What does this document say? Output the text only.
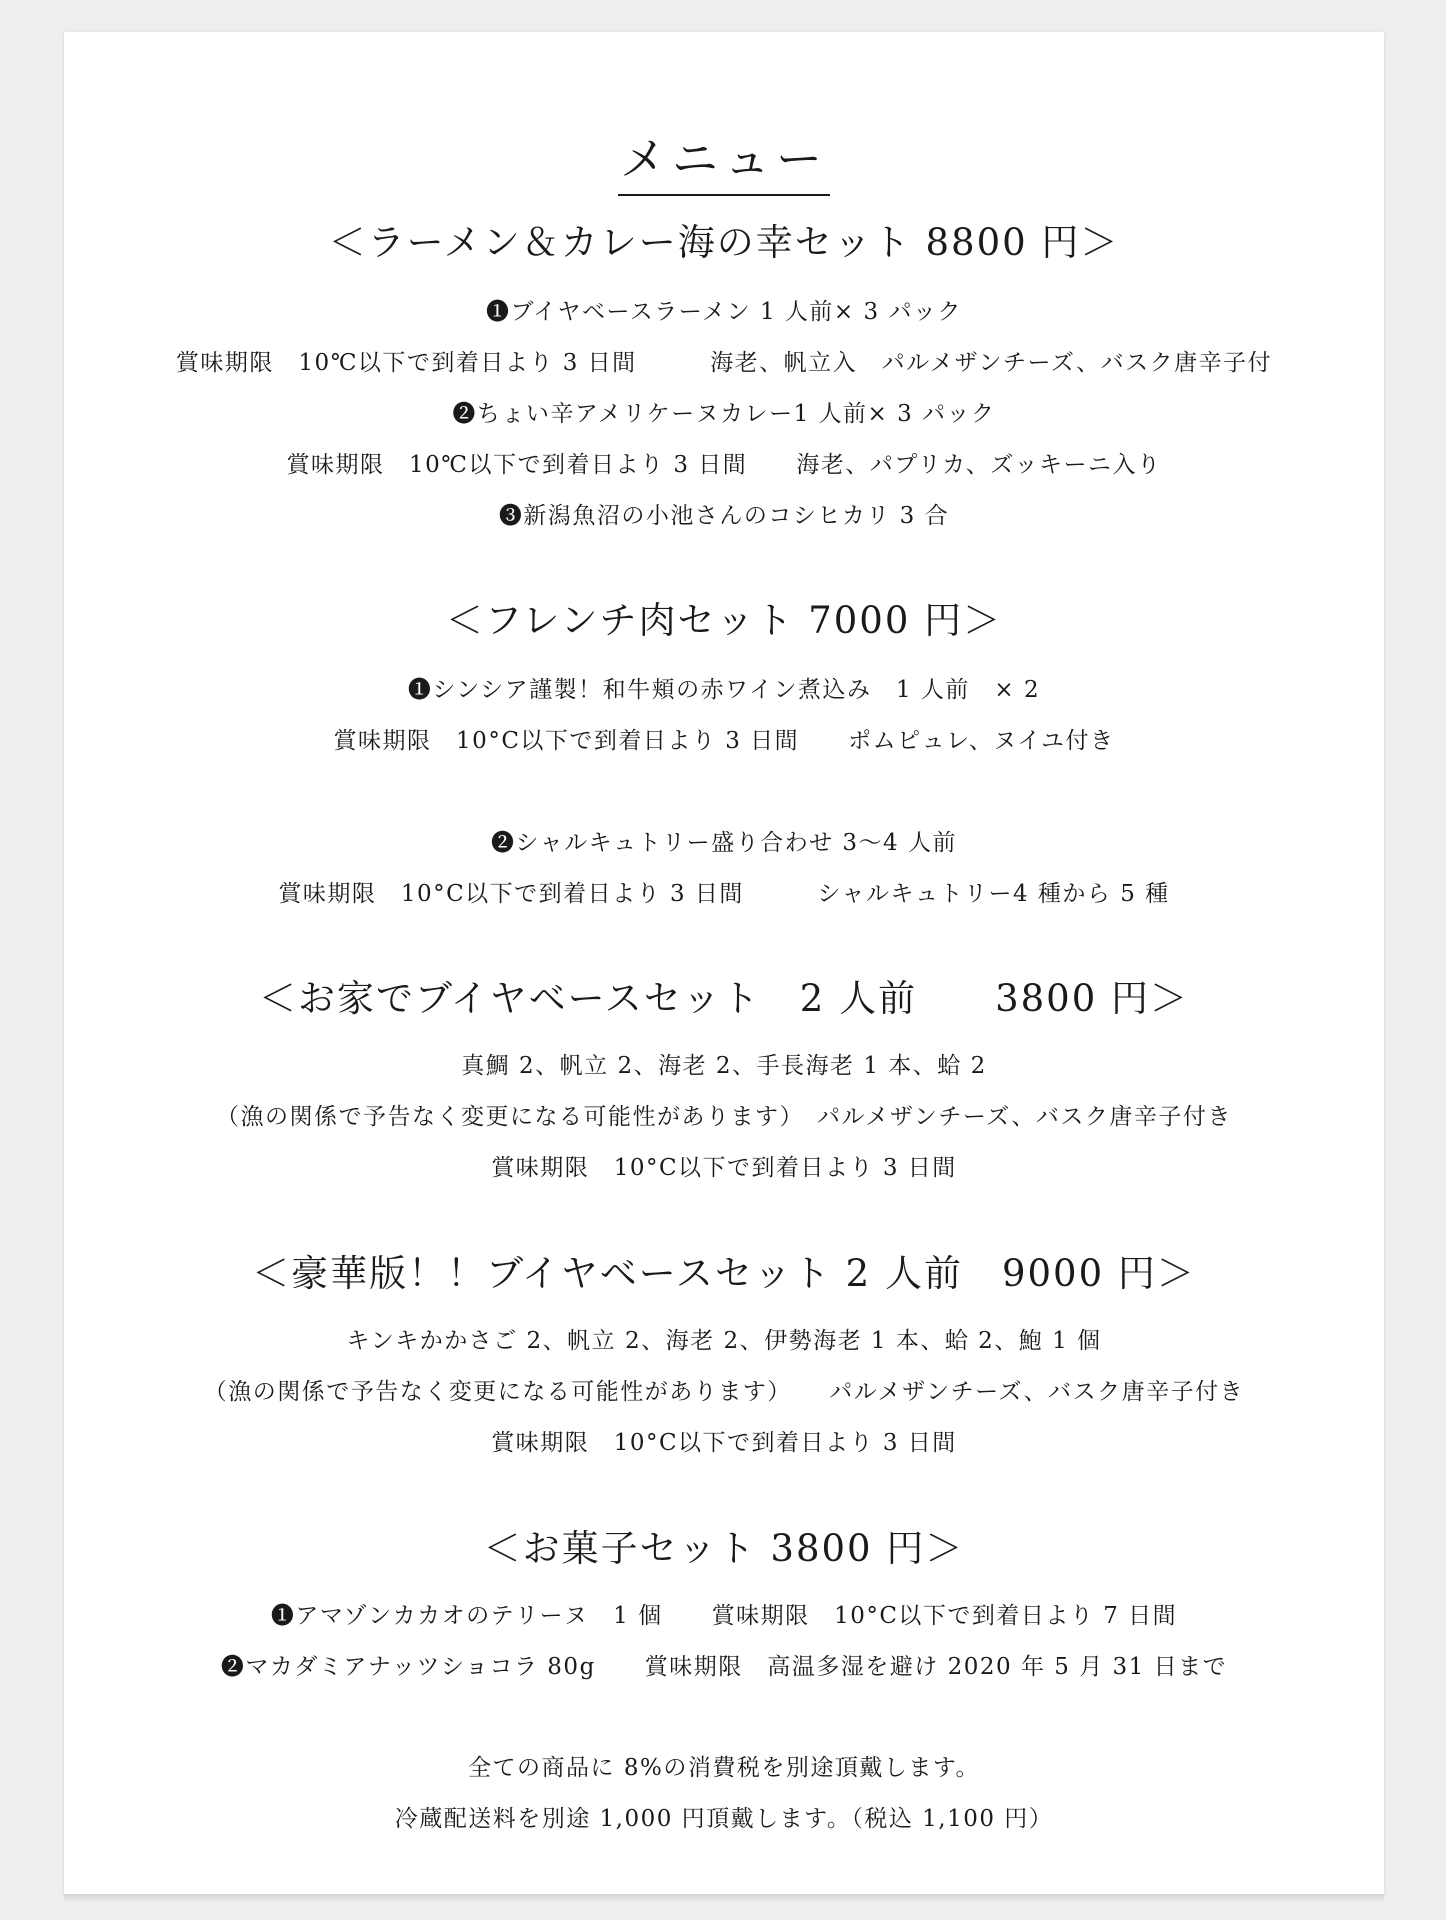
メニュー
＜ラーメン＆カレー海の幸セット 8800 円＞
❶ブイヤベースラーメン 1 人前× 3 パック
賞味期限　10℃以下で到着日より 3 日間　　　海老、帆立入　パルメザンチーズ、バスク唐辛子付
❷ちょい辛アメリケーヌカレー1 人前× 3 パック
賞味期限　10℃以下で到着日より 3 日間　　海老、パプリカ、ズッキーニ入り
❸新潟魚沼の小池さんのコシヒカリ 3 合
＜フレンチ肉セット 7000 円＞
❶シンシア謹製！和牛頬の赤ワイン煮込み　1 人前　× 2
賞味期限　10°C以下で到着日より 3 日間　　ポムピュレ、ヌイユ付き
❷シャルキュトリー盛り合わせ 3～4 人前
賞味期限　10°C以下で到着日より 3 日間　　　シャルキュトリー4 種から 5 種
＜お家でブイヤベースセット　2 人前　　3800 円＞
真鯛 2、帆立 2、海老 2、手長海老 1 本、蛤 2
（漁の関係で予告なく変更になる可能性があります）　パルメザンチーズ、バスク唐辛子付き
賞味期限　10°C以下で到着日より 3 日間
＜豪華版！！ブイヤベースセット 2 人前　9000 円＞
キンキかかさご 2、帆立 2、海老 2、伊勢海老 1 本、蛤 2、鮑 1 個
（漁の関係で予告なく変更になる可能性があります）　　パルメザンチーズ、バスク唐辛子付き
賞味期限　10°C以下で到着日より 3 日間
＜お菓子セット 3800 円＞
❶アマゾンカカオのテリーヌ　1 個　　賞味期限　10°C以下で到着日より 7 日間
❷マカダミアナッツショコラ 80g　　賞味期限　高温多湿を避け 2020 年 5 月 31 日まで
全ての商品に 8%の消費税を別途頂戴します。
冷蔵配送料を別途 1,000 円頂戴します。（税込 1,100 円）
